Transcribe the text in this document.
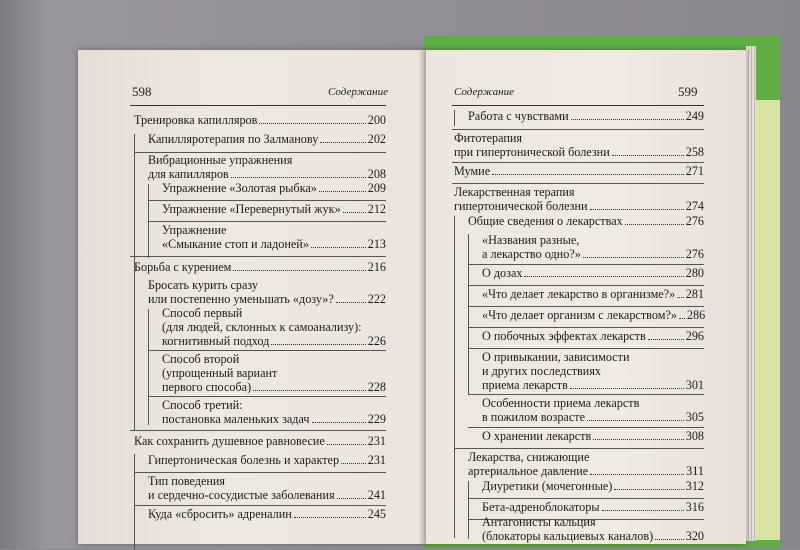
598	Содержание
Тренировка капилляров	200
Капилляротерапия по Залманову	202
Вибрационные упражнения
для капилляров	208
Упражнение «Золотая рыбка»	209
Упражнение «Перевернутый жук» 212
Упражнение
«Смыкание стоп и ладоней»	213
Борьба с курением	216
Бросать курить сразу
или постепенно уменьшать «дозу»?	222
Способ первый
(для людей, склонных к самоанализу):
когнитивный подход	226
Способ второй
(упрощенный вариант
первого способа)	228
Способ третий:
постановка маленьких задач	229
Как сохранить душевное равновесие	231
Гипертоническая болезнь и характер 231
Тип поведения
и сердечно-сосудистые заболевания	241
Куда «сбросить» адреналин	245
Содержание	599
Работа с чувствами	249
Фитотерапия
при гипертонической болезни	258
Мумие	271
Лекарственная терапия
гипертонической болезни	274
Общие сведения о лекарствах	276
«Названия разные,
а лекарство одно?»	276
О дозах	280
«Что делает лекарство в организме?» 281
«Что делает организм с лекарством?» 286
О побочных эффектах лекарств	296
О привыкании, зависимости
и других последствиях
приема лекарств	301
Особенности приема лекарств
в пожилом возрасте	305
О хранении лекарств	308
Лекарства, снижающие
артериальное давление	311
Диуретики (мочегонные)	312
Бета-адреноблокаторы	316
Антагонисты кальция
(блокаторы кальциевых каналов)	320
